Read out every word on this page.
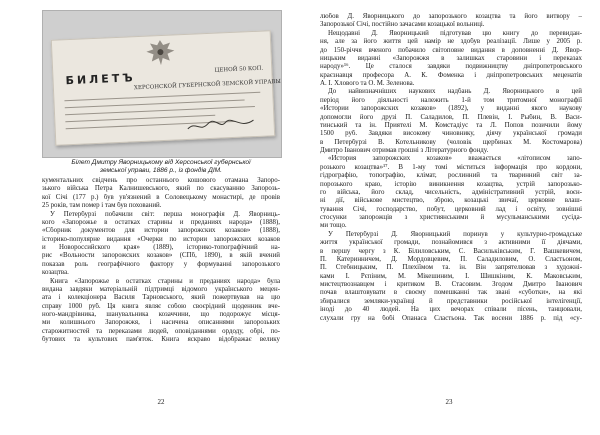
БИЛЕТЪ
ЦЕНОЙ 50 КОП.
ХЕРСОНСКОЙ ГУБЕРНСКОЙ ЗЕМСКОЙ УПРАВЫ
Білет Дмитру Яворницькому від Херсонської губернської
земської управи, 1886 р., із фондів ДІМ.
кументальних свідчень про останнього кошового отамана Запоро-
зького війська Петра Калнишевського, який по скасуванню Запорозь-
кої Січі (177 р.) був ув'язнений в Соловецькому монастирі, де провів
25 років, там помер і там був похований.
У Петербурзі побачили світ: перша монографія Д. Яворниць-
кого «Запорожье в остатках старины и преданиях народа» (1888),
«Сборник документов для истории запорожских козаков» (1888),
історико-популярне видання «Очерки по истории запорожских козаков
и Новороссийского края» (1889), історико-топографічний на-
рис «Вольности запорожских козаков» (СПб, 1890), в якій вчений
показав роль географічного фактору у формуванні запорозького
козацтва.
Книга «Запорожье в остатках старины и преданиях народа» була
видана завдяки матеріальній підтримці відомого українського мецен-
ата і колекціонера Василя Тарновського, який пожертвував на цю
справу 1000 руб. Ця книга являє собою своєрідний щоденник вче-
ного-мандрівника, шанувальника козаччини, що подорожує місця-
ми колишнього Запорожжя, і насичена описаннями запорозьких
старожитностей та переказами людей, оповіданнями ордоду, обрі, по-
бутових та культових пам'яток. Книга яскраво відображає велику
22
любов Д. Яворницького до запорозького козацтва та його витвору –
Запорозької Січі, постійно зачасами козацької вольниці.
Нещодавні Д. Яворницький підготував цю книгу до перевидан-
ня, але за його життя цей намір не здобув реалізації. Лише у 2005 р.
до 150-річчя вченого побачило світоповне видання в доповненні Д. Явор-
ницьким виданні «Запорожжя в залишках старовини і переказах
народу»¹⁶. Це сталося завдяки подвижництву дніпропетровського
краєзнавця професора А. К. Фоменка і дніпропетровських меценатів
А. І. Хлового та О. М. Зеленова.
До найвизначніших наукових надбань Д. Яворницького в цей
період його діяльності належить 1-й том тритомної монографії
«Истории запорожских козаков» (1892), у виданні якого наукову
допомогли його друзі П. Саладилов, П. Плевін, І. Рыбин, В. Васи-
тинський та ін. Приятелі М. Комстадіус та Л. Попов позичили йому
1500 руб. Завдяки високому чиновнику, діячу української громади
в Петербурзі В. Котельникову (чоловік щербинах М. Костомарова)
Дмитро Іванович отримав грошні з Літературного фонду.
«История запорожских козаков» вважається «літописом запо-
розького козацтва»¹⁷. В 1-му томі міститься інформація про кордони,
гідрографію, топографію, клімат, рослинний та тваринний світ за-
порозького краю, історію виникнення козацтва, устрій запорозько-
го війська, його склад, чисельність, адміністративний устрій, воєн-
ні дії, військове мистецтво, зброю, козацькі звичаї, церковне влаш-
тування Січі, господарство, побут, церковний лад і освіту, зовнішні
стосунки запорожців з християнськими й мусульманськими сусіда-
ми тощо.
У Петербурзі Д. Яворницький поринув у культурно-громадське
життя української громади, познайомився з активними її діячами,
в першу чергу з К. Білиловським, С. Васильківським, Г. Вашкевичем,
П. Катеринничем, Д. Мордовцевим, П. Саладиловим, О. Сластьоном,
П. Стебницьким, П. Плехіїмом та. ін. Він запрятелював з художні-
ками І. Рєпіним, М. Мікешиним, І. Шишкіним, К. Маковським,
мистецтвознавцем і критиком В. Стасовим. Згодом Дмитро Іванович
почав влаштовувати в своєму помешканні так звані «суботки», на які
збиралися земляки-українці й представники російської інтелігенції,
іноді до 40 людей. На цих вечорах співали пісень, танцювали,
слухали гру на бобі Опанаса Сластьона. Так восени 1886 р. під «су-
23
